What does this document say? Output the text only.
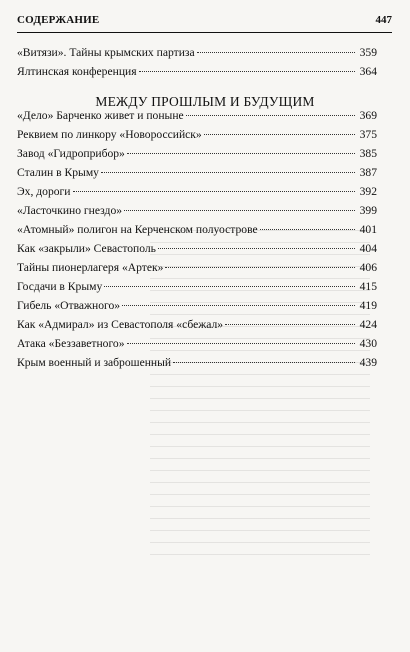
СОДЕРЖАНИЕ	447
«Витязи». Тайны крымских партиза	359
Ялтинская конференция	364
МЕЖДУ ПРОШЛЫМ И БУДУЩИМ
«Дело» Барченко живет и поныне	369
Реквием по линкору «Новороссийск»	375
Завод «Гидроприбор»	385
Сталин в Крыму	387
Эх, дороги	392
«Ласточкино гнездо»	399
«Атомный» полигон на Керченском полуострове	401
Как «закрыли» Севастополь	404
Тайны пионерлагеря «Артек»	406
Госдачи в Крыму	415
Гибель «Отважного»	419
Как «Адмирал» из Севастополя «сбежал»	424
Атака «Беззаветного»	430
Крым военный и заброшенный	439
